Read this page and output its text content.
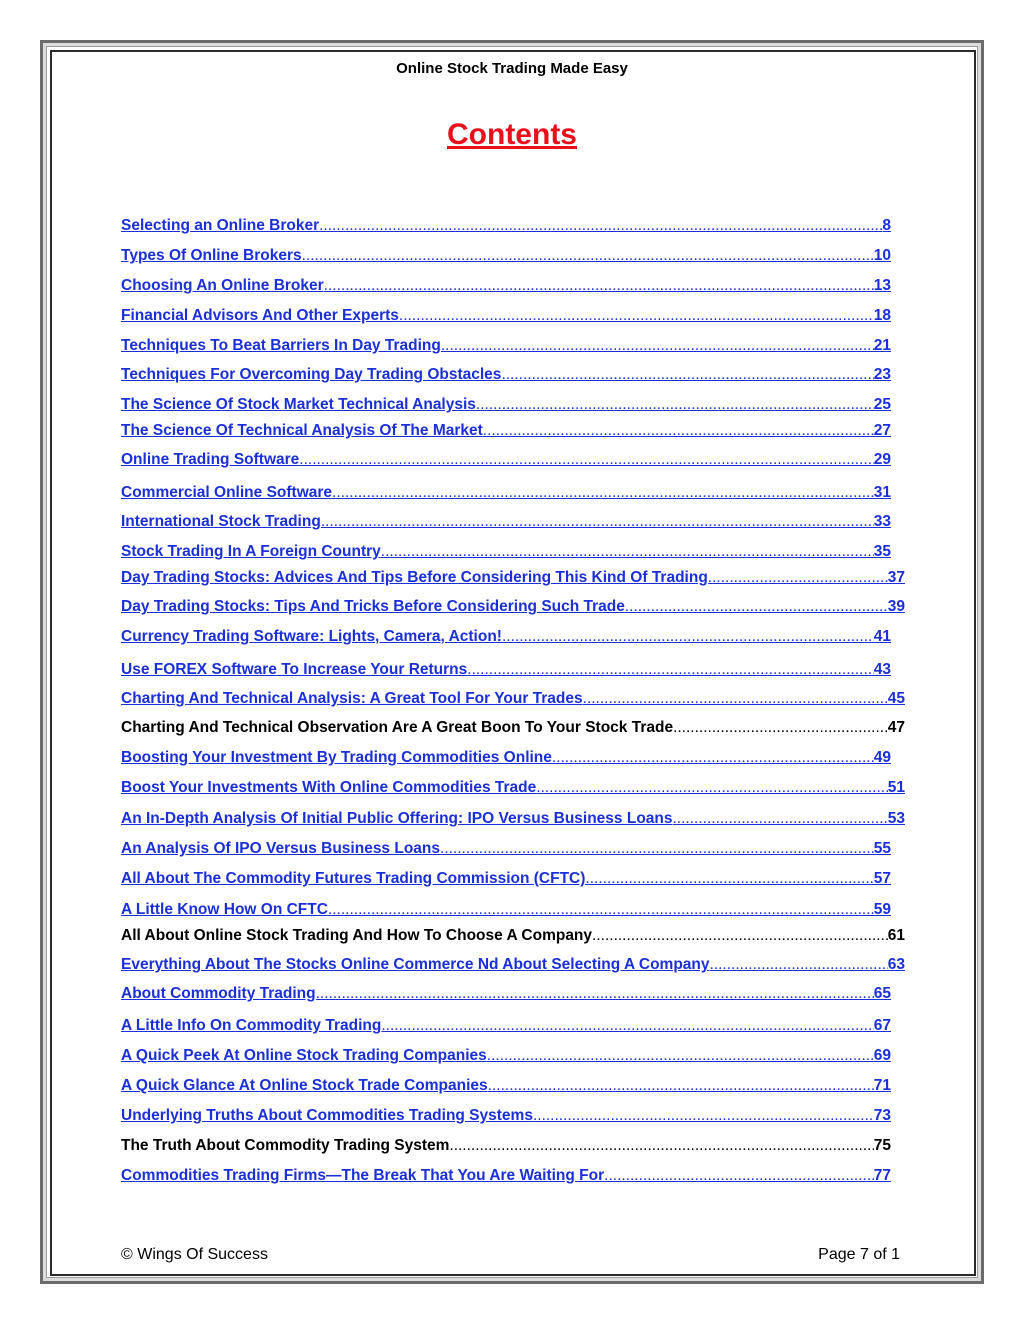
Online Stock Trading Made Easy
Contents
Selecting an Online Broker .....	8
Types Of Online Brokers .....	10
Choosing An Online Broker .....	13
Financial Advisors And Other Experts .....	18
Techniques To Beat Barriers In Day Trading .....	21
Techniques For Overcoming Day Trading Obstacles .....	23
The Science Of Stock Market Technical Analysis .....	25
The Science Of Technical Analysis Of The Market .....	27
Online Trading Software .....	29
Commercial Online Software .....	31
International Stock Trading .....	33
Stock Trading In A Foreign Country .....	35
Day Trading Stocks: Advices And Tips Before Considering This Kind Of Trading .....	37
Day Trading Stocks: Tips And Tricks Before Considering Such Trade .....	39
Currency Trading Software: Lights, Camera, Action! .....	41
Use FOREX Software To Increase Your Returns .....	43
Charting And Technical Analysis: A Great Tool For Your Trades .....	45
Charting And Technical Observation Are A Great Boon To Your Stock Trade .....	47
Boosting Your Investment By Trading Commodities Online .....	49
Boost Your Investments With Online Commodities Trade .....	51
An In-Depth Analysis Of Initial Public Offering: IPO Versus Business Loans .....	53
An Analysis Of IPO Versus Business Loans .....	55
All About The Commodity Futures Trading Commission (CFTC) .....	57
A Little Know How On CFTC .....	59
All About Online Stock Trading And How To Choose A Company .....	61
Everything About The Stocks Online Commerce Nd About Selecting A Company .....	63
About Commodity Trading .....	65
A Little Info On Commodity Trading .....	67
A Quick Peek At Online Stock Trading Companies .....	69
A Quick Glance At Online Stock Trade Companies .....	71
Underlying Truths About Commodities Trading Systems .....	73
The Truth About Commodity Trading System .....	75
Commodities Trading Firms—The Break That You Are Waiting For .....	77
© Wings Of Success	Page 7 of 1
